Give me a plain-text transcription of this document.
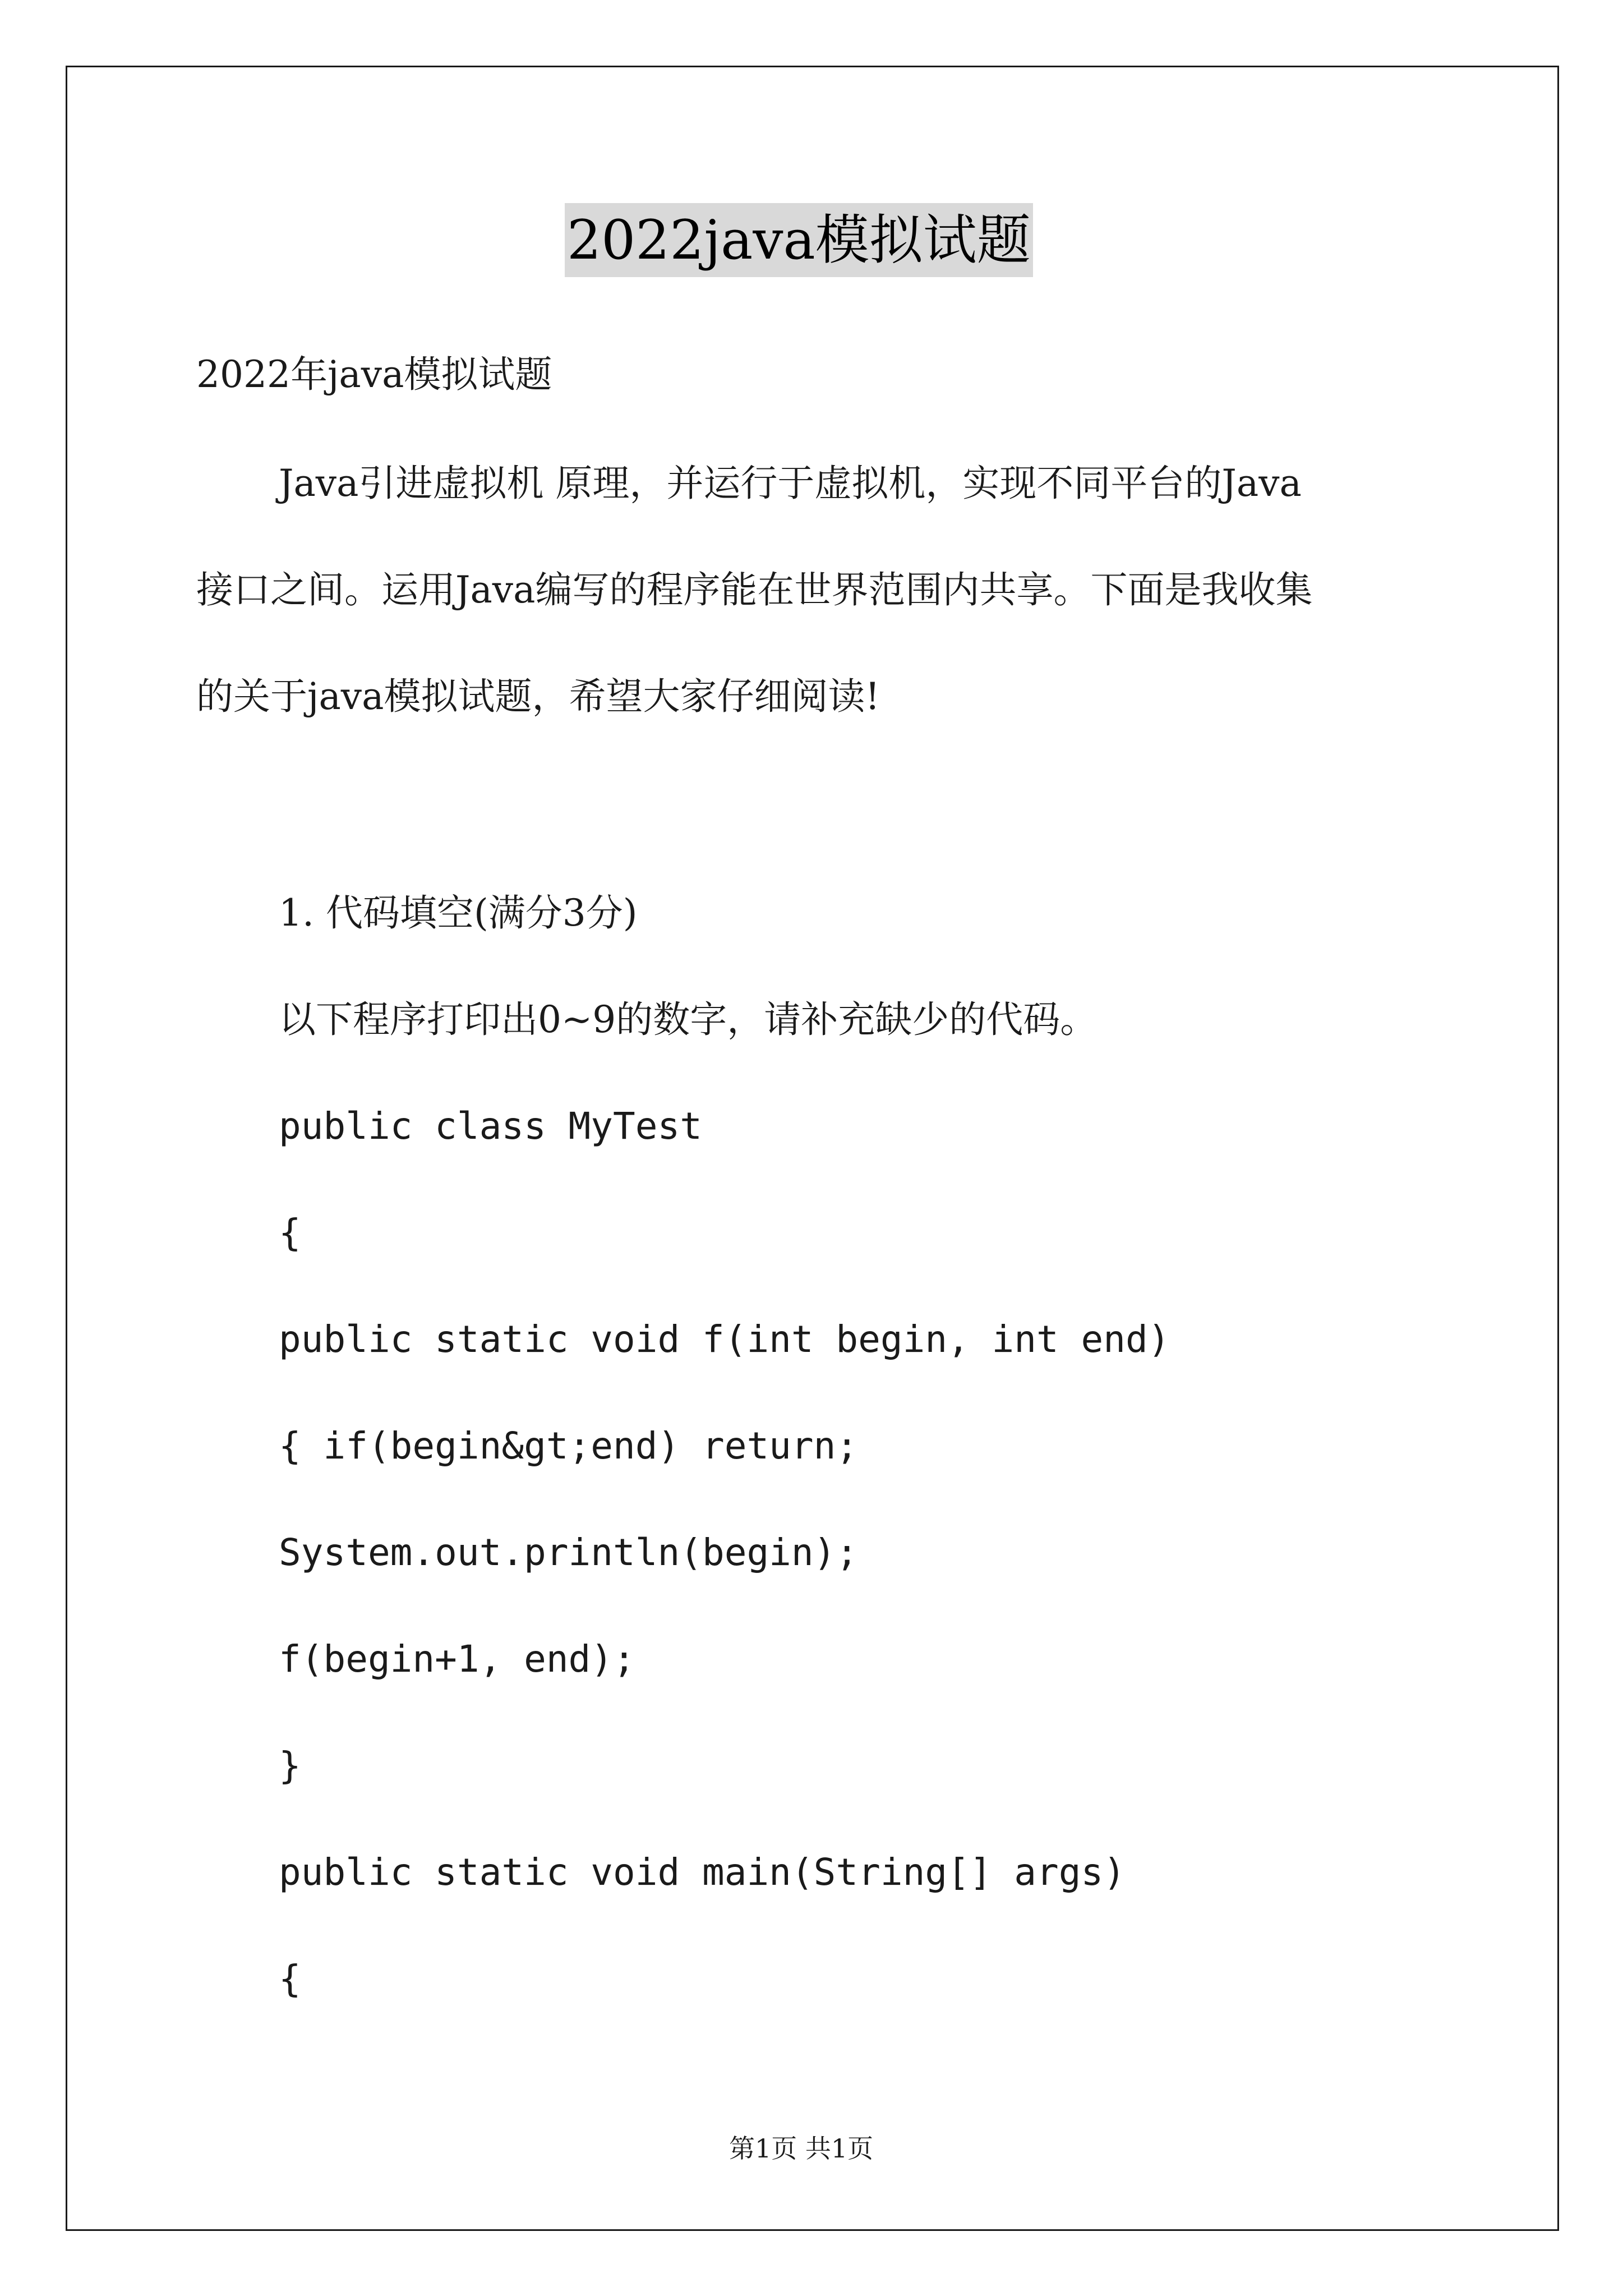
2022java模拟试题
2022年java模拟试题
Java引进虚拟机 原理，并运行于虚拟机，实现不同平台的Java
接口之间。运用Java编写的程序能在世界范围内共享。下面是我收集
的关于java模拟试题，希望大家仔细阅读!
1. 代码填空(满分3分)
以下程序打印出0~9的数字，请补充缺少的代码。
public class MyTest
{
public static void f(int begin, int end)
{ if(begin&gt;end) return;
System.out.println(begin);
f(begin+1, end);
}
public static void main(String[] args)
{
第1页 共1页
